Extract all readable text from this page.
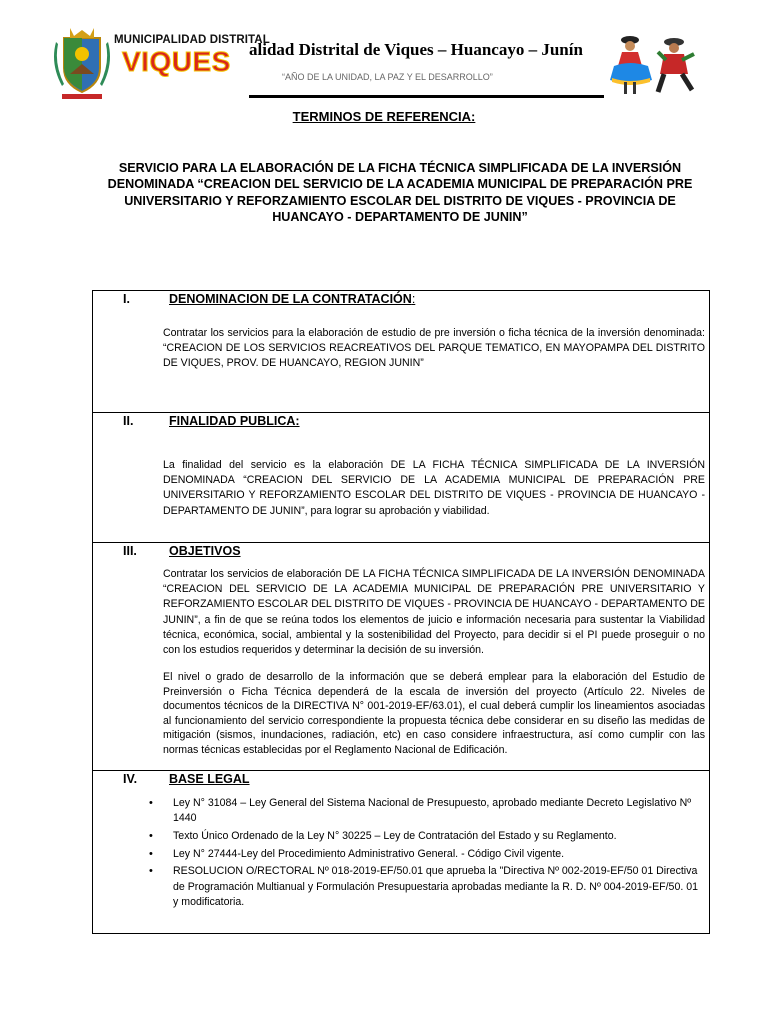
MUNICIPALIDAD DISTRITAL
VIQUES alidad Distrital de Viques – Huancayo – Junín
“AÑO DE LA UNIDAD, LA PAZ Y EL DESARROLLO”
TERMINOS DE REFERENCIA:
SERVICIO PARA LA ELABORACIÓN DE LA FICHA TÉCNICA SIMPLIFICADA DE LA INVERSIÓN DENOMINADA “CREACION DEL SERVICIO DE LA ACADEMIA MUNICIPAL DE PREPARACIÓN PRE UNIVERSITARIO Y REFORZAMIENTO ESCOLAR DEL DISTRITO DE VIQUES - PROVINCIA DE HUANCAYO - DEPARTAMENTO DE JUNIN”
I.	DENOMINACION DE LA CONTRATACIÓN:
Contratar los servicios para la elaboración de estudio de pre inversión o ficha técnica de la inversión denominada: “CREACION DE LOS SERVICIOS REACREATIVOS DEL PARQUE TEMATICO, EN MAYOPAMPA DEL DISTRITO DE VIQUES, PROV. DE HUANCAYO, REGION JUNIN”
II.	FINALIDAD PUBLICA:
La finalidad del servicio es la elaboración DE LA FICHA TÉCNICA SIMPLIFICADA DE LA INVERSIÓN DENOMINADA “CREACION DEL SERVICIO DE LA ACADEMIA MUNICIPAL DE PREPARACIÓN PRE UNIVERSITARIO Y REFORZAMIENTO ESCOLAR DEL DISTRITO DE VIQUES - PROVINCIA DE HUANCAYO - DEPARTAMENTO DE JUNIN”, para lograr su aprobación y viabilidad.
III.	OBJETIVOS
Contratar los servicios de elaboración DE LA FICHA TÉCNICA SIMPLIFICADA DE LA INVERSIÓN DENOMINADA “CREACION DEL SERVICIO DE LA ACADEMIA MUNICIPAL DE PREPARACIÓN PRE UNIVERSITARIO Y REFORZAMIENTO ESCOLAR DEL DISTRITO DE VIQUES - PROVINCIA DE HUANCAYO - DEPARTAMENTO DE JUNIN”, a fin de que se reúna todos los elementos de juicio e información necesaria para sustentar la Viabilidad técnica, económica, social, ambiental y la sostenibilidad del Proyecto, para decidir si el PI puede proseguir o no con los estudios requeridos y determinar la decisión de su inversión.
El nivel o grado de desarrollo de la información que se deberá emplear para la elaboración del Estudio de Preinversión o Ficha Técnica dependerá de la escala de inversión del proyecto (Artículo 22. Niveles de documentos técnicos de la DIRECTIVA N° 001-2019-EF/63.01), el cual deberá cumplir los lineamientos asociadas al funcionamiento del servicio correspondiente la propuesta técnica debe considerar en su diseño las medidas de mitigación (sismos, inundaciones, radiación, etc) en caso considere infraestructura, así como cumplir con las normas técnicas establecidas por el Reglamento Nacional de Edificación.
IV.	BASE LEGAL
• Ley N° 31084 – Ley General del Sistema Nacional de Presupuesto, aprobado mediante Decreto Legislativo Nº 1440
• Texto Único Ordenado de la Ley N° 30225 – Ley de Contratación del Estado y su Reglamento.
• Ley N° 27444-Ley del Procedimiento Administrativo General. - Código Civil vigente.
• RESOLUCION O/RECTORAL Nº 018-2019-EF/50.01 que aprueba la "Directiva Nº 002-2019-EF/50 01 Directiva de Programación Multianual y Formulación Presupuestaria aprobadas mediante la R. D. Nº 004-2019-EF/50. 01 y modificatoria.
